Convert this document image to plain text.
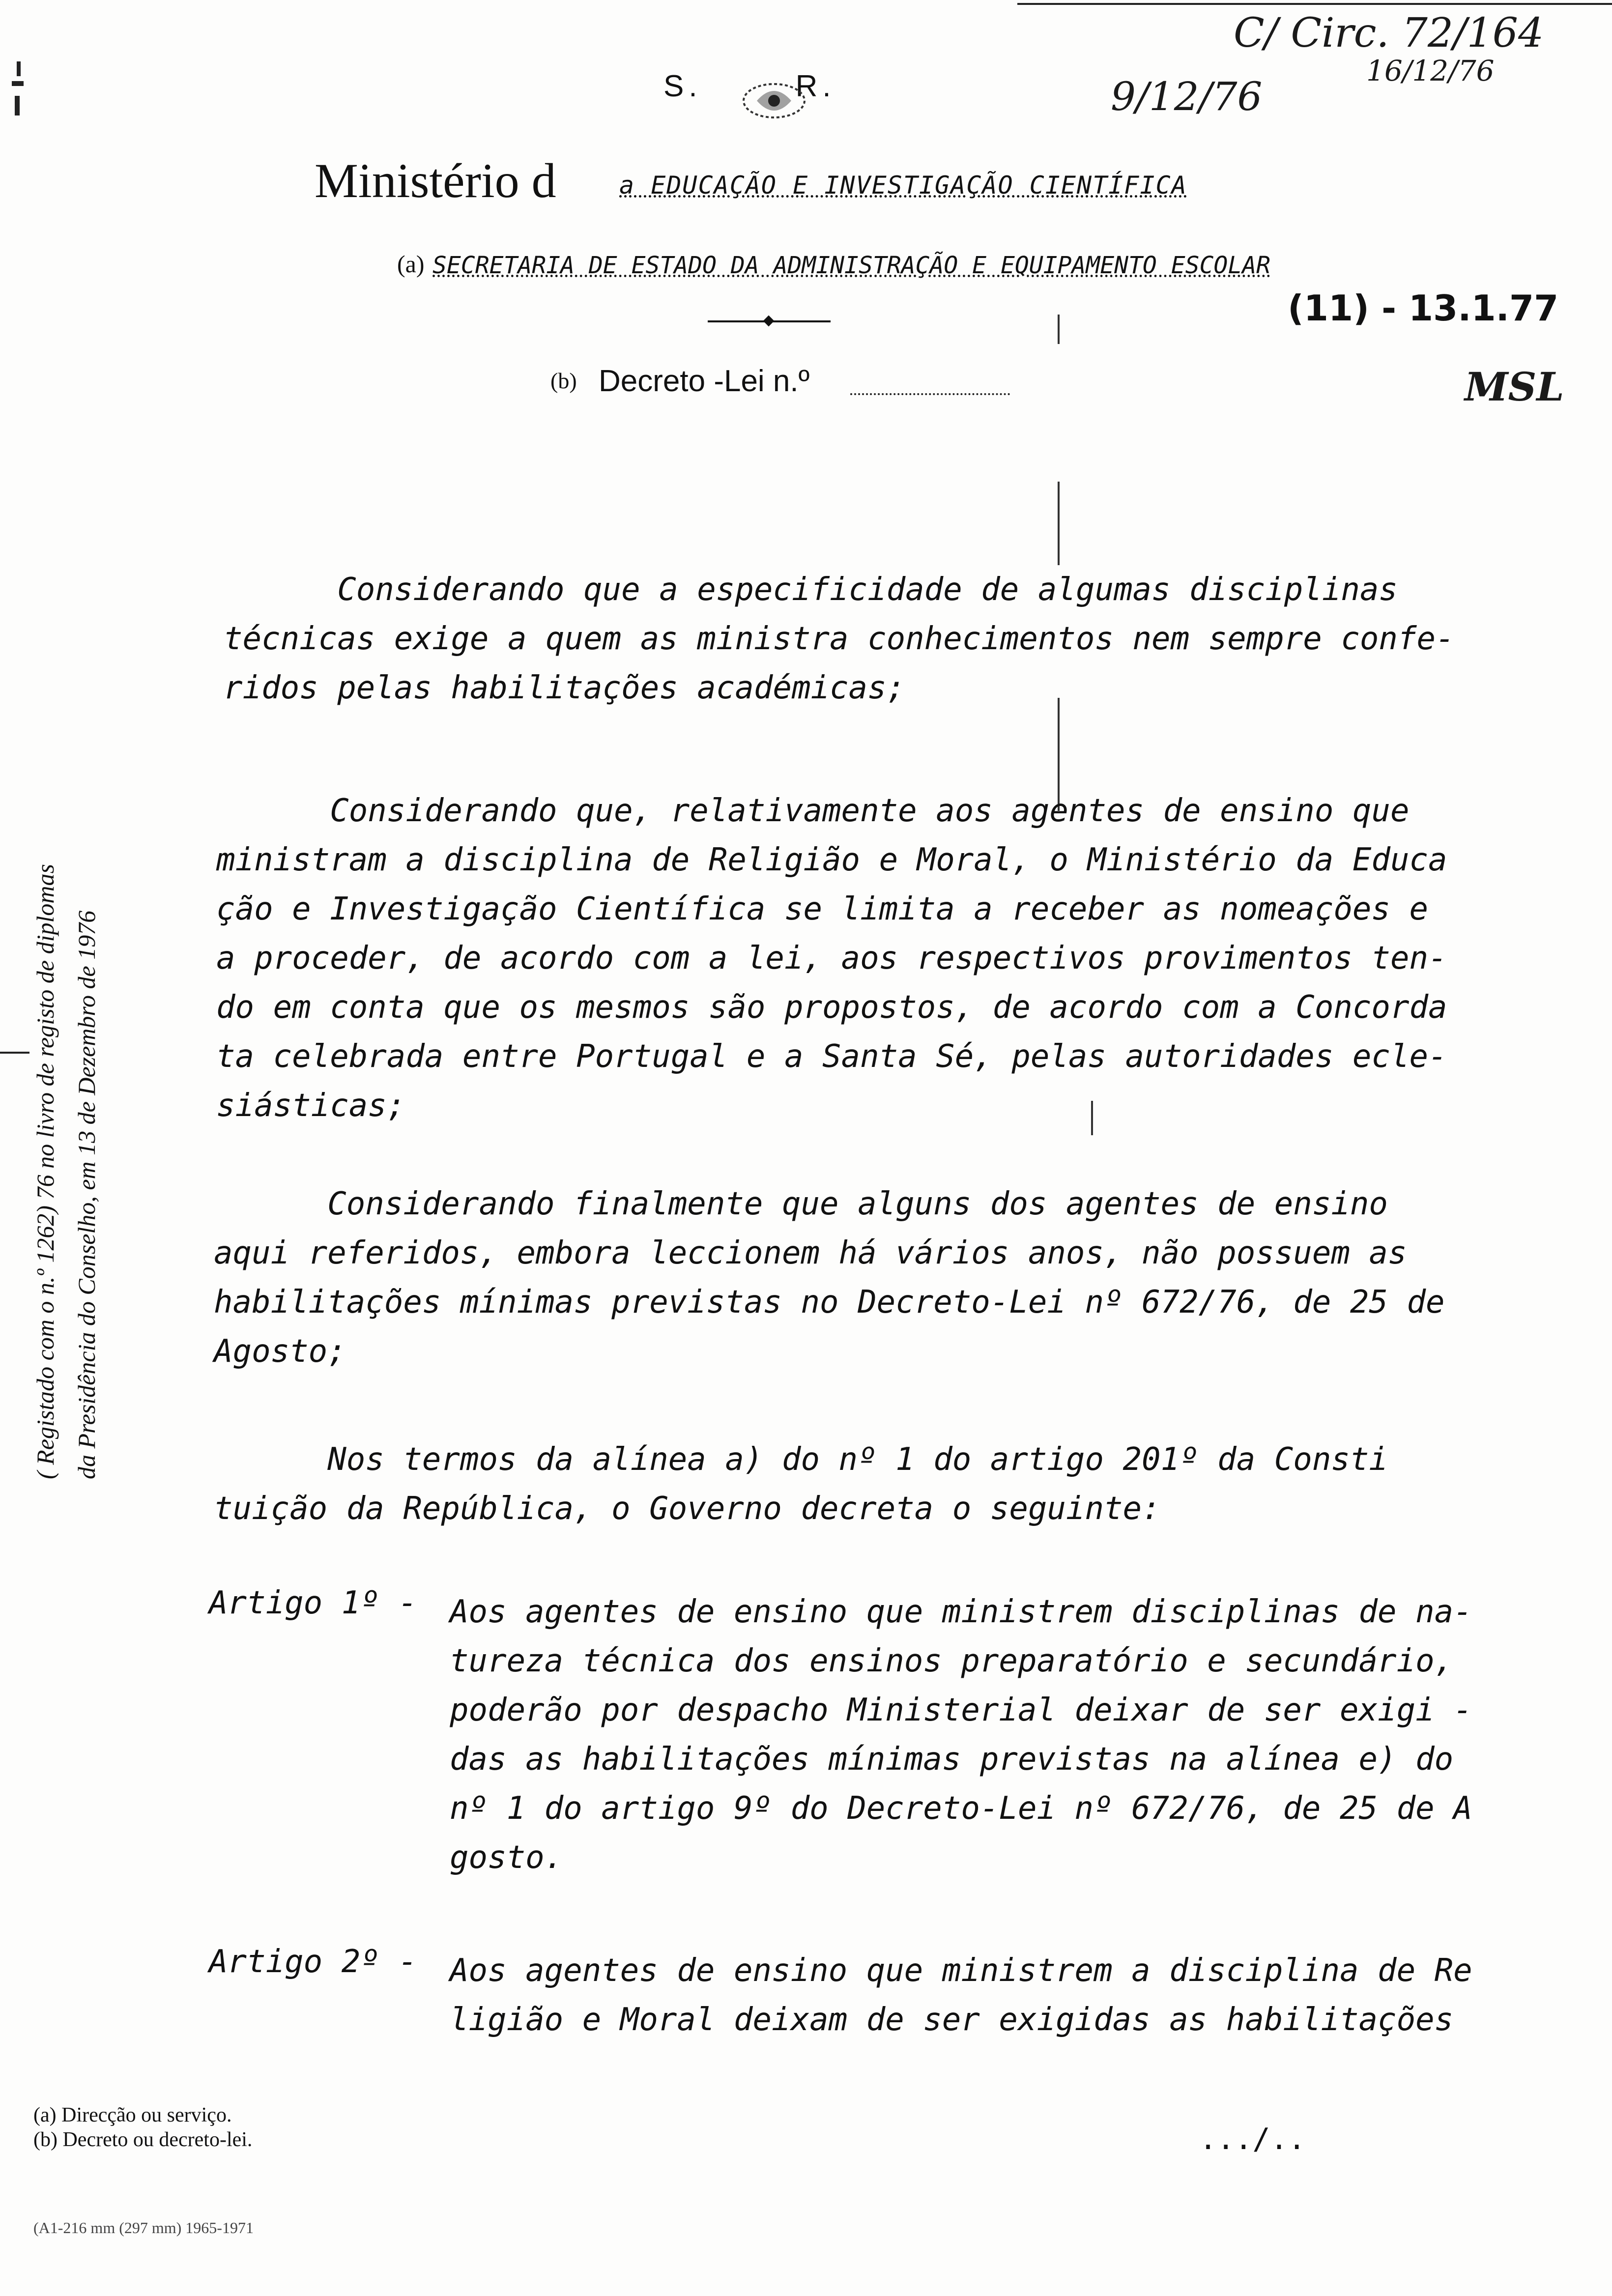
S.	R.
Ministério d	a EDUCAÇÃO E INVESTIGAÇÃO CIENTÍFICA
(a) SECRETARIA DE ESTADO DA ADMINISTRAÇÃO E EQUIPAMENTO ESCOLAR
(b) Decreto -Lei n.º
C/ Circ. 72/164
16/12/76
9/12/76
(11) - 13.1.77
MSL
( Registado com o n.º 1262) 76 no livro de registo de diplomas da Presidência do Conselho, em 13 de Dezembro de 1976
Considerando que a especificidade de algumas disciplinas
técnicas exige a quem as ministra conhecimentos nem sempre confe-
ridos pelas habilitações académicas;
Considerando que, relativamente aos agentes de ensino que
ministram a disciplina de Religião e Moral, o Ministério da Educa
ção e Investigação Científica se limita a receber as nomeações e
a proceder, de acordo com a lei, aos respectivos provimentos ten-
do em conta que os mesmos são propostos, de acordo com a Concorda
ta celebrada entre Portugal e a Santa Sé, pelas autoridades ecle-
siásticas;
Considerando finalmente que alguns dos agentes de ensino
aqui referidos, embora leccionem há vários anos, não possuem as
habilitações mínimas previstas no Decreto-Lei nº 672/76, de 25 de
Agosto;
Nos termos da alínea a) do nº 1 do artigo 201º da Consti
tuição da República, o Governo decreta o seguinte:
Artigo 1º - Aos agentes de ensino que ministrem disciplinas de na-
tureza técnica dos ensinos preparatório e secundário,
poderão por despacho Ministerial deixar de ser exigi -
das as habilitações mínimas previstas na alínea e) do
nº 1 do artigo 9º do Decreto-Lei nº 672/76, de 25 de A
gosto.
Artigo 2º - Aos agentes de ensino que ministrem a disciplina de Re
ligião e Moral deixam de ser exigidas as habilitações
(a) Direcção ou serviço.
(b) Decreto ou decreto-lei.
(A1-216 mm (297 mm) 1965-1971
.../..
